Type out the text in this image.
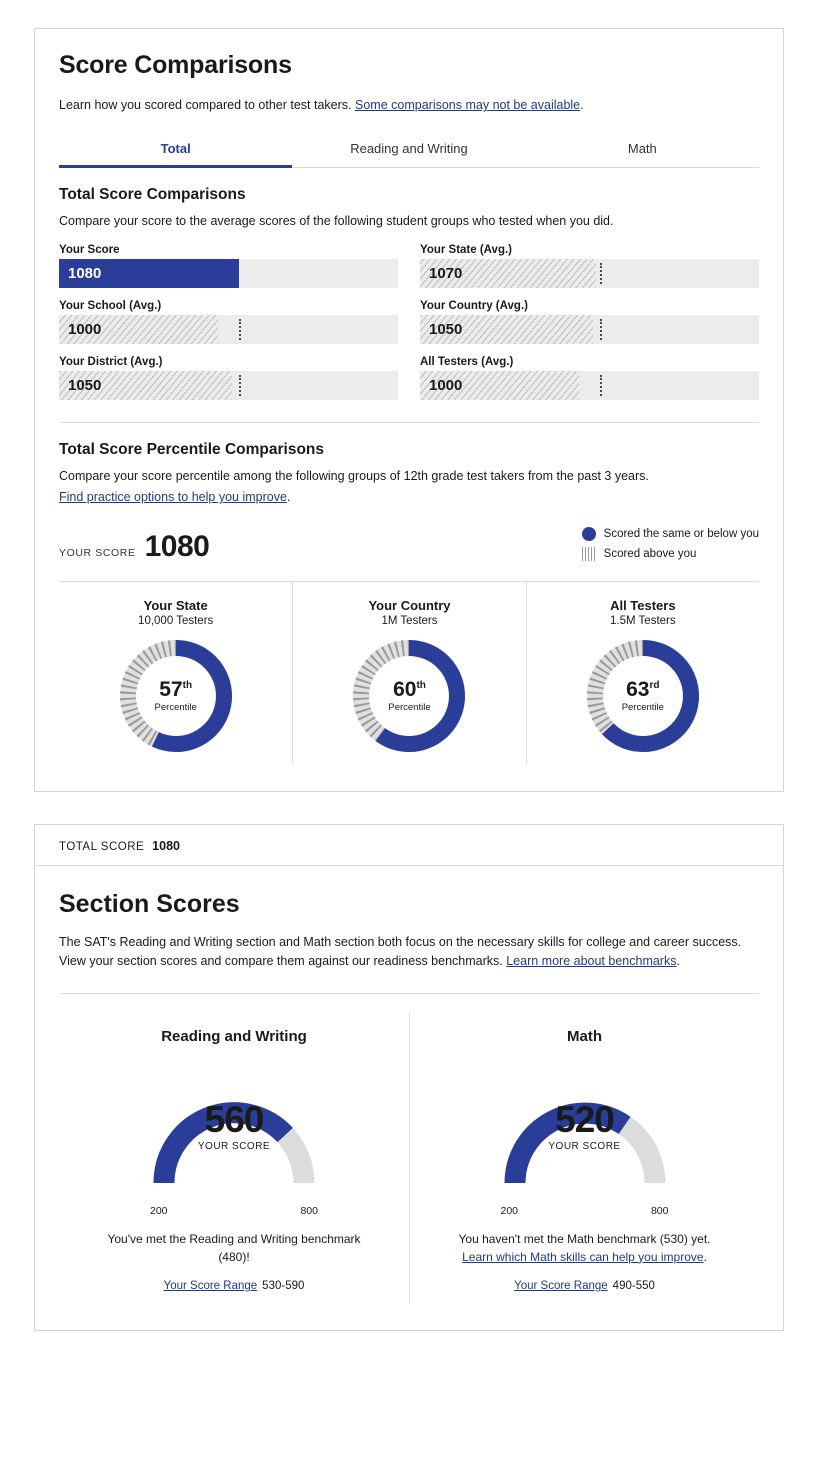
Score Comparisons

Learn how you scored compared to other test takers. Some comparisons may not be available.

Total	Reading and Writing	Math
Total Score Comparisons

Compare your score to the average scores of the following student groups who tested when you did.

Your Score
1080
Your State (Avg.)
1070
Your School (Avg.)
1000
Your Country (Avg.)
1050
Your District (Avg.)
1050
All Testers (Avg.)
1000
Total Score Percentile Comparisons

Compare your score percentile among the following groups of 12th grade test takers from the past 3 years.

Find practice options to help you improve.

YOUR SCORE 1080	Scored the same or below you
Scored above you
Your State
10,000 Testers
57th
Percentile
Your Country
1M Testers
60th
Percentile
All Testers
1.5M Testers
63rd
Percentile
TOTAL SCORE 1080
Section Scores

The SAT's Reading and Writing section and Math section both focus on the necessary skills for college and career success. View your section scores and compare them against our readiness benchmarks. Learn more about benchmarks.

Reading and Writing
560
YOUR SCORE
200	800

You've met the Reading and Writing benchmark (480)!

Your Score Range 530-590
Math
520
YOUR SCORE
200	800

You haven't met the Math benchmark (530) yet. Learn which Math skills can help you improve.

Your Score Range 490-550
